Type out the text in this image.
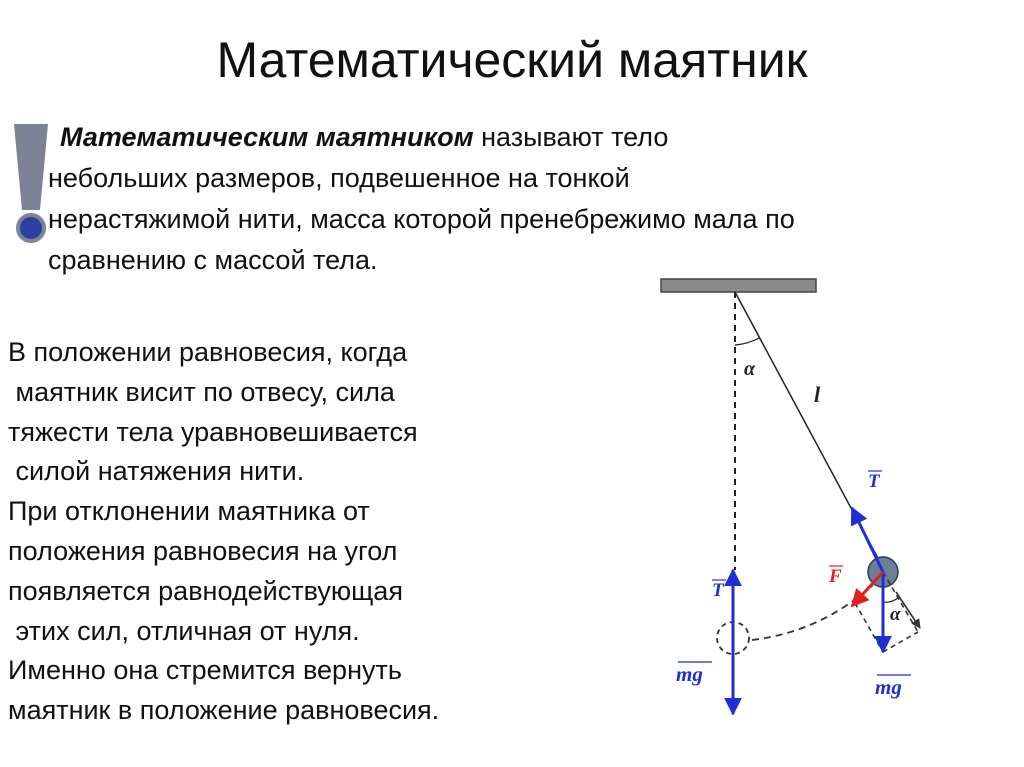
Математический маятник
Математическим маятником называют тело
небольших размеров, подвешенное на тонкой
нерастяжимой нити, масса которой пренебрежимо мала по
сравнению с массой тела.
В положении равновесия, когда
маятник висит по отвесу, сила
тяжести тела уравновешивается
силой натяжения нити.
При отклонении маятника от
положения равновесия на угол
появляется равнодействующая
этих сил, отличная от нуля.
Именно она стремится вернуть
маятник в положение равновесия.
α
l
T
mg
α
T
F
mg
